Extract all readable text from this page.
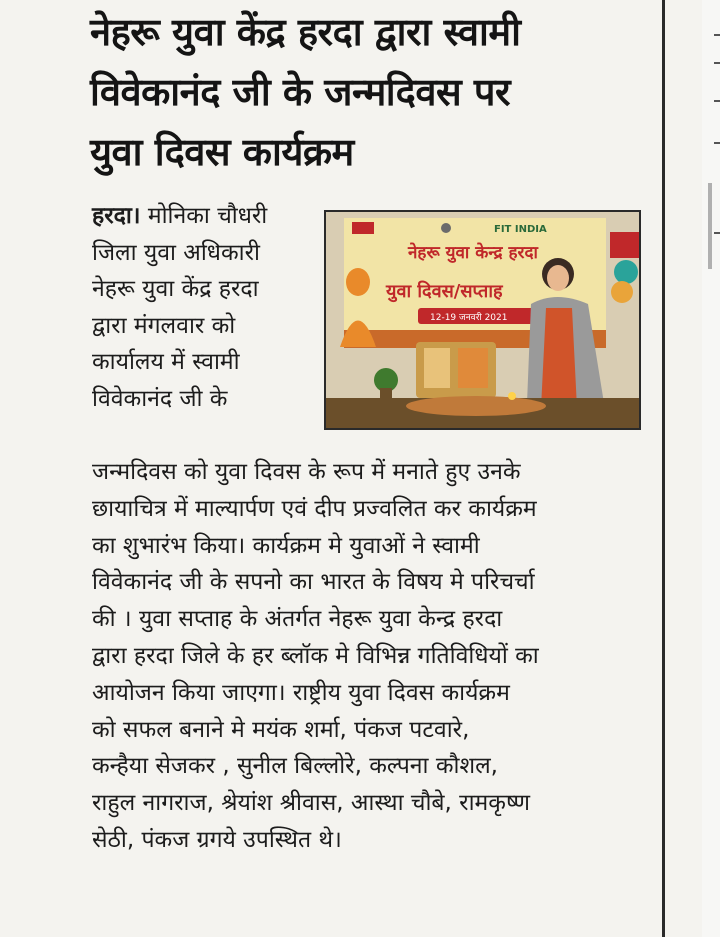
नेहरू युवा केंद्र हरदा द्वारा स्वामी
विवेकानंद जी के जन्मदिवस पर
युवा दिवस कार्यक्रम
हरदा। मोनिका चौधरी
जिला युवा अधिकारी
नेहरू युवा केंद्र हरदा
द्वारा मंगलवार को
कार्यालय में स्वामी
विवेकानंद जी के
FIT INDIA
नेहरू युवा केन्द्र हरदा
युवा दिवस/सप्ताह
12-19 जनवरी 2021
जन्मदिवस को युवा दिवस के रूप में मनाते हुए उनके
छायाचित्र में माल्यार्पण एवं दीप प्रज्वलित कर कार्यक्रम
का शुभारंभ किया। कार्यक्रम मे युवाओं ने स्वामी
विवेकानंद जी के सपनो का भारत के विषय मे परिचर्चा
की । युवा सप्ताह के अंतर्गत नेहरू युवा केन्द्र हरदा
द्वारा हरदा जिले के हर ब्लॉक मे विभिन्न गतिविधियों का
आयोजन किया जाएगा। राष्ट्रीय युवा दिवस कार्यक्रम
को सफल बनाने मे मयंक शर्मा, पंकज पटवारे,
कन्हैया सेजकर , सुनील बिल्लोरे, कल्पना कौशल,
राहुल नागराज, श्रेयांश श्रीवास, आस्था चौबे, रामकृष्ण
सेठी, पंकज ग्रगये उपस्थित थे।
